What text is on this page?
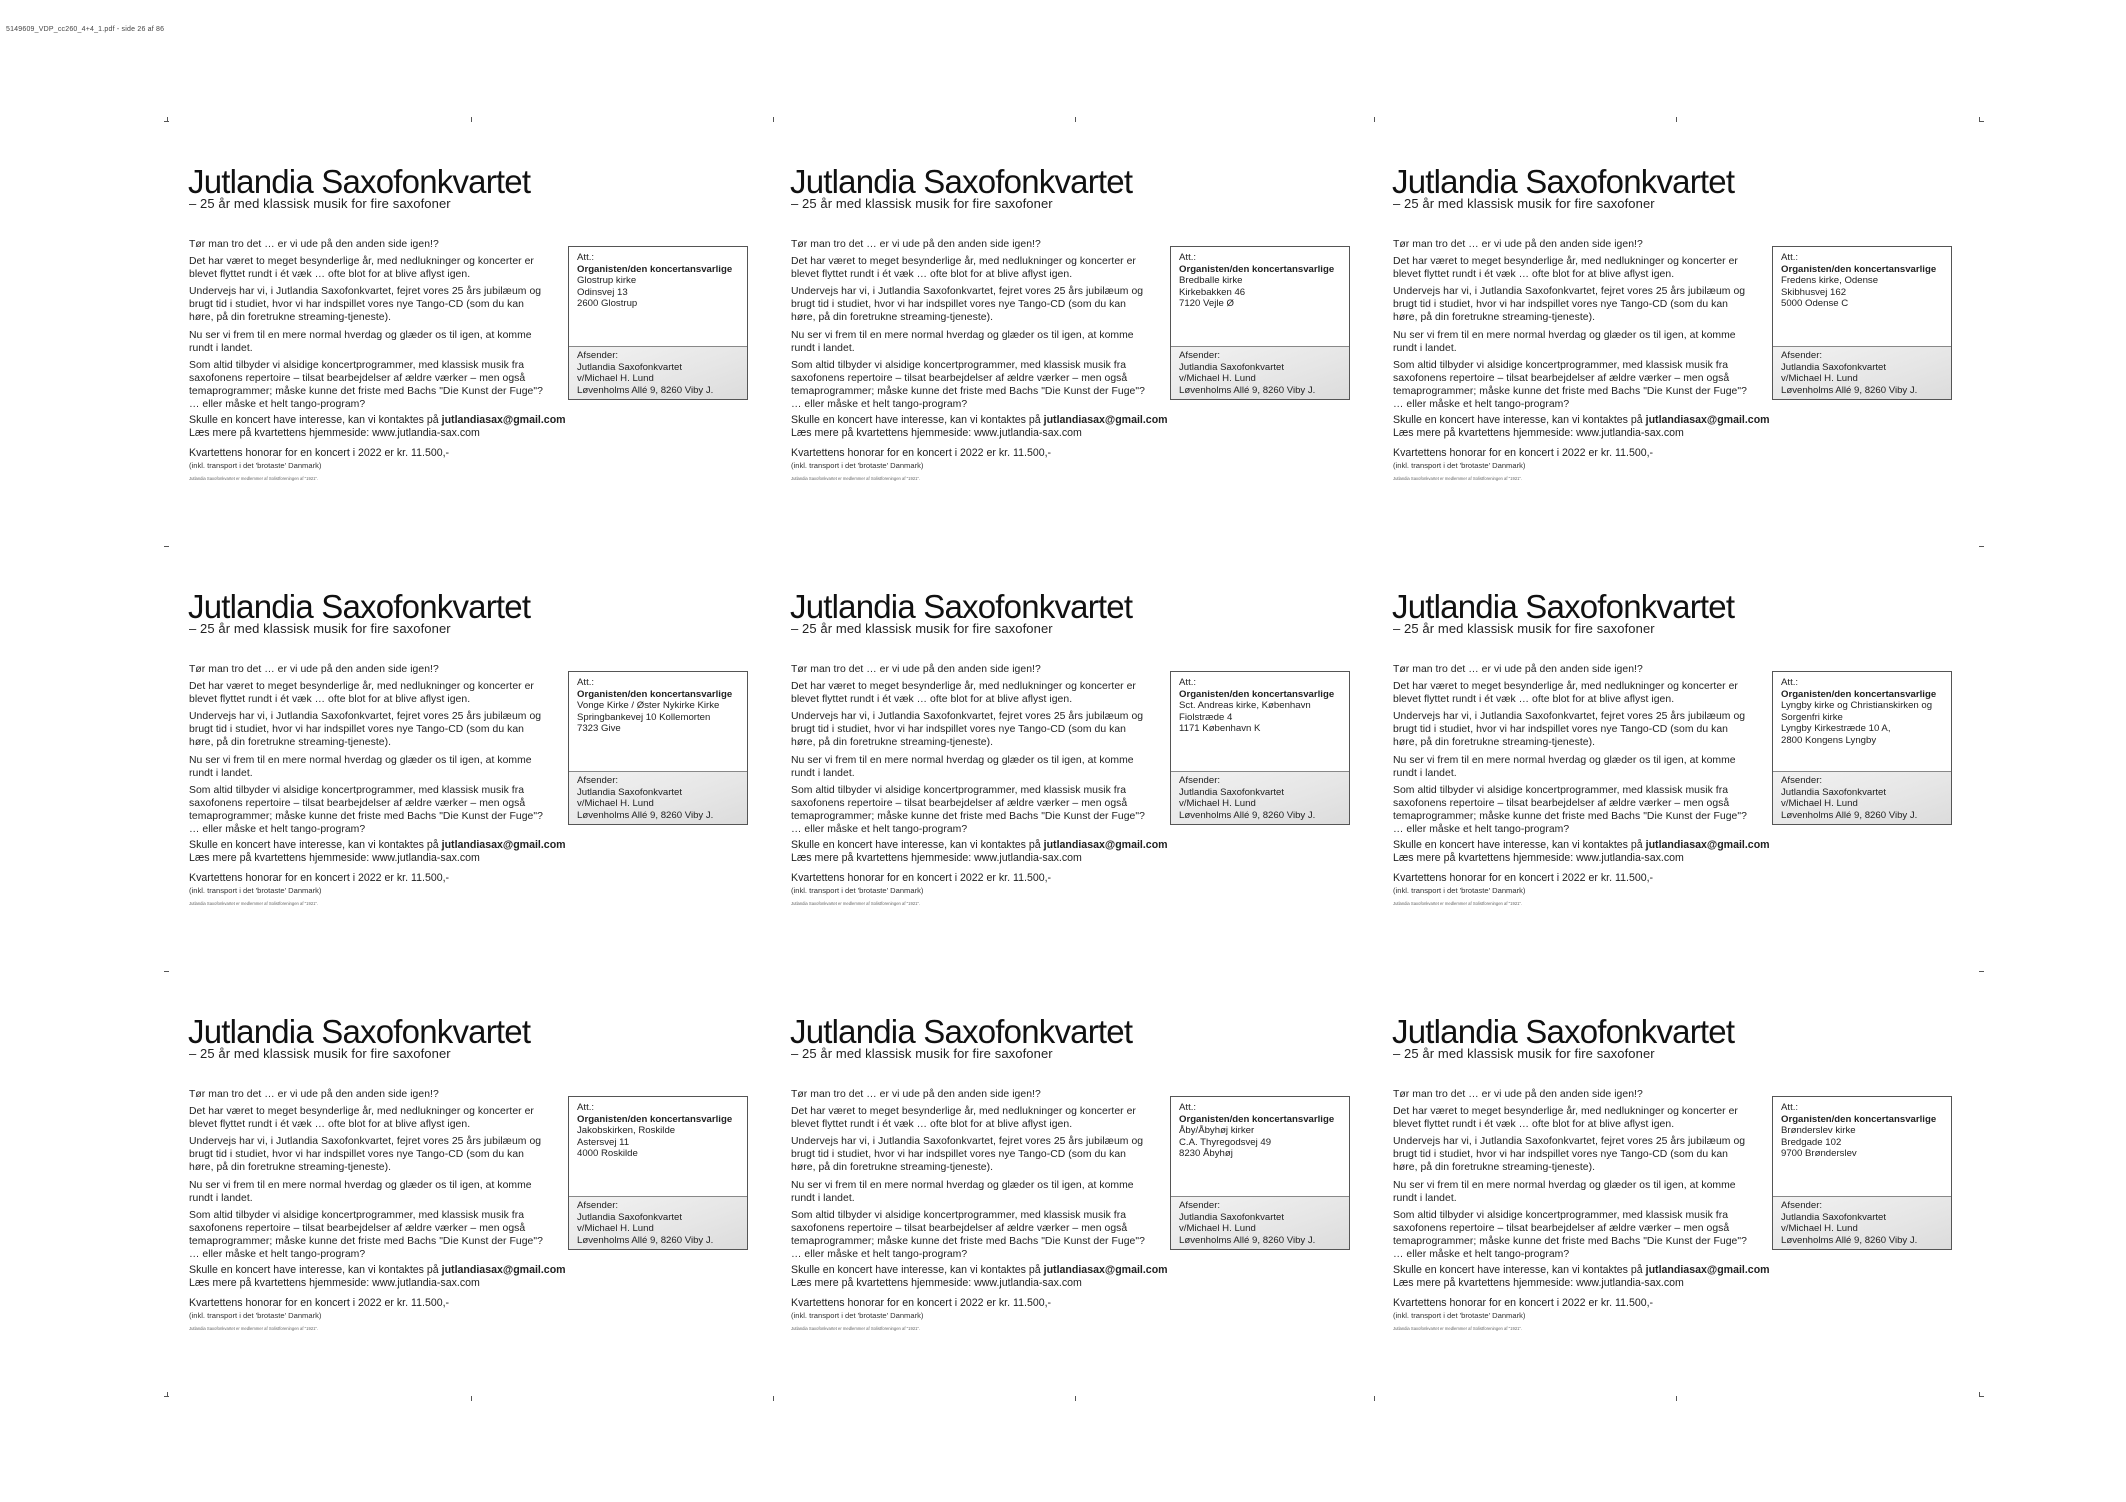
5149609_VDP_cc260_4+4_1.pdf - side 26 af 86
Jutlandia Saxofonkvartet
– 25 år med klassisk musik for fire saxofoner

Tør man tro det … er vi ude på den anden side igen!?

Det har været to meget besynderlige år, med nedlukninger og koncerter er blevet flyttet rundt i ét væk … ofte blot for at blive aflyst igen.

Undervejs har vi, i Jutlandia Saxofonkvartet, fejret vores 25 års jubilæum og brugt tid i studiet, hvor vi har indspillet vores nye Tango-CD (som du kan høre, på din foretrukne streaming-tjeneste).

Nu ser vi frem til en mere normal hverdag og glæder os til igen, at komme rundt i landet.

Som altid tilbyder vi alsidige koncertprogrammer, med klassisk musik fra saxofonens repertoire – tilsat bearbejdelser af ældre værker – men også temaprogrammer; måske kunne det friste med Bachs "Die Kunst der Fuge"? … eller måske et helt tango-program?

Skulle en koncert have interesse, kan vi kontaktes på jutlandiasax@gmail.com
Læs mere på kvartettens hjemmeside: www.jutlandia-sax.com
Kvartettens honorar for en koncert i 2022 er kr. 11.500,-
(inkl. transport i det 'brotaste' Danmark)
Jutlandia Saxofonkvartet er medlemmer af Solistforeningen af "1921".
Att.:
Organisten/den koncertansvarlige
Glostrup kirke
Odinsvej 13
2600 Glostrup
Afsender:
Jutlandia Saxofonkvartet
v/Michael H. Lund
Løvenholms Allé 9, 8260 Viby J.
Jutlandia Saxofonkvartet
– 25 år med klassisk musik for fire saxofoner

Tør man tro det … er vi ude på den anden side igen!?

Det har været to meget besynderlige år, med nedlukninger og koncerter er blevet flyttet rundt i ét væk … ofte blot for at blive aflyst igen.

Undervejs har vi, i Jutlandia Saxofonkvartet, fejret vores 25 års jubilæum og brugt tid i studiet, hvor vi har indspillet vores nye Tango-CD (som du kan høre, på din foretrukne streaming-tjeneste).

Nu ser vi frem til en mere normal hverdag og glæder os til igen, at komme rundt i landet.

Som altid tilbyder vi alsidige koncertprogrammer, med klassisk musik fra saxofonens repertoire – tilsat bearbejdelser af ældre værker – men også temaprogrammer; måske kunne det friste med Bachs "Die Kunst der Fuge"? … eller måske et helt tango-program?

Skulle en koncert have interesse, kan vi kontaktes på jutlandiasax@gmail.com
Læs mere på kvartettens hjemmeside: www.jutlandia-sax.com
Kvartettens honorar for en koncert i 2022 er kr. 11.500,-
(inkl. transport i det 'brotaste' Danmark)
Jutlandia Saxofonkvartet er medlemmer af Solistforeningen af "1921".
Att.:
Organisten/den koncertansvarlige
Bredballe kirke
Kirkebakken 46
7120 Vejle Ø
Afsender:
Jutlandia Saxofonkvartet
v/Michael H. Lund
Løvenholms Allé 9, 8260 Viby J.
Jutlandia Saxofonkvartet
– 25 år med klassisk musik for fire saxofoner

Tør man tro det … er vi ude på den anden side igen!?

Det har været to meget besynderlige år, med nedlukninger og koncerter er blevet flyttet rundt i ét væk … ofte blot for at blive aflyst igen.

Undervejs har vi, i Jutlandia Saxofonkvartet, fejret vores 25 års jubilæum og brugt tid i studiet, hvor vi har indspillet vores nye Tango-CD (som du kan høre, på din foretrukne streaming-tjeneste).

Nu ser vi frem til en mere normal hverdag og glæder os til igen, at komme rundt i landet.

Som altid tilbyder vi alsidige koncertprogrammer, med klassisk musik fra saxofonens repertoire – tilsat bearbejdelser af ældre værker – men også temaprogrammer; måske kunne det friste med Bachs "Die Kunst der Fuge"? … eller måske et helt tango-program?

Skulle en koncert have interesse, kan vi kontaktes på jutlandiasax@gmail.com
Læs mere på kvartettens hjemmeside: www.jutlandia-sax.com
Kvartettens honorar for en koncert i 2022 er kr. 11.500,-
(inkl. transport i det 'brotaste' Danmark)
Jutlandia Saxofonkvartet er medlemmer af Solistforeningen af "1921".
Att.:
Organisten/den koncertansvarlige
Fredens kirke, Odense
Skibhusvej 162
5000 Odense C
Afsender:
Jutlandia Saxofonkvartet
v/Michael H. Lund
Løvenholms Allé 9, 8260 Viby J.
Jutlandia Saxofonkvartet
– 25 år med klassisk musik for fire saxofoner

Tør man tro det … er vi ude på den anden side igen!?

Det har været to meget besynderlige år, med nedlukninger og koncerter er blevet flyttet rundt i ét væk … ofte blot for at blive aflyst igen.

Undervejs har vi, i Jutlandia Saxofonkvartet, fejret vores 25 års jubilæum og brugt tid i studiet, hvor vi har indspillet vores nye Tango-CD (som du kan høre, på din foretrukne streaming-tjeneste).

Nu ser vi frem til en mere normal hverdag og glæder os til igen, at komme rundt i landet.

Som altid tilbyder vi alsidige koncertprogrammer, med klassisk musik fra saxofonens repertoire – tilsat bearbejdelser af ældre værker – men også temaprogrammer; måske kunne det friste med Bachs "Die Kunst der Fuge"? … eller måske et helt tango-program?

Skulle en koncert have interesse, kan vi kontaktes på jutlandiasax@gmail.com
Læs mere på kvartettens hjemmeside: www.jutlandia-sax.com
Kvartettens honorar for en koncert i 2022 er kr. 11.500,-
(inkl. transport i det 'brotaste' Danmark)
Jutlandia Saxofonkvartet er medlemmer af Solistforeningen af "1921".
Att.:
Organisten/den koncertansvarlige
Vonge Kirke / Øster Nykirke Kirke
Springbankevej 10 Kollemorten
7323 Give
Afsender:
Jutlandia Saxofonkvartet
v/Michael H. Lund
Løvenholms Allé 9, 8260 Viby J.
Jutlandia Saxofonkvartet
– 25 år med klassisk musik for fire saxofoner

Tør man tro det … er vi ude på den anden side igen!?

Det har været to meget besynderlige år, med nedlukninger og koncerter er blevet flyttet rundt i ét væk … ofte blot for at blive aflyst igen.

Undervejs har vi, i Jutlandia Saxofonkvartet, fejret vores 25 års jubilæum og brugt tid i studiet, hvor vi har indspillet vores nye Tango-CD (som du kan høre, på din foretrukne streaming-tjeneste).

Nu ser vi frem til en mere normal hverdag og glæder os til igen, at komme rundt i landet.

Som altid tilbyder vi alsidige koncertprogrammer, med klassisk musik fra saxofonens repertoire – tilsat bearbejdelser af ældre værker – men også temaprogrammer; måske kunne det friste med Bachs "Die Kunst der Fuge"? … eller måske et helt tango-program?

Skulle en koncert have interesse, kan vi kontaktes på jutlandiasax@gmail.com
Læs mere på kvartettens hjemmeside: www.jutlandia-sax.com
Kvartettens honorar for en koncert i 2022 er kr. 11.500,-
(inkl. transport i det 'brotaste' Danmark)
Jutlandia Saxofonkvartet er medlemmer af Solistforeningen af "1921".
Att.:
Organisten/den koncertansvarlige
Sct. Andreas kirke, København
Fiolstræde 4
1171 København K
Afsender:
Jutlandia Saxofonkvartet
v/Michael H. Lund
Løvenholms Allé 9, 8260 Viby J.
Jutlandia Saxofonkvartet
– 25 år med klassisk musik for fire saxofoner

Tør man tro det … er vi ude på den anden side igen!?

Det har været to meget besynderlige år, med nedlukninger og koncerter er blevet flyttet rundt i ét væk … ofte blot for at blive aflyst igen.

Undervejs har vi, i Jutlandia Saxofonkvartet, fejret vores 25 års jubilæum og brugt tid i studiet, hvor vi har indspillet vores nye Tango-CD (som du kan høre, på din foretrukne streaming-tjeneste).

Nu ser vi frem til en mere normal hverdag og glæder os til igen, at komme rundt i landet.

Som altid tilbyder vi alsidige koncertprogrammer, med klassisk musik fra saxofonens repertoire – tilsat bearbejdelser af ældre værker – men også temaprogrammer; måske kunne det friste med Bachs "Die Kunst der Fuge"? … eller måske et helt tango-program?

Skulle en koncert have interesse, kan vi kontaktes på jutlandiasax@gmail.com
Læs mere på kvartettens hjemmeside: www.jutlandia-sax.com
Kvartettens honorar for en koncert i 2022 er kr. 11.500,-
(inkl. transport i det 'brotaste' Danmark)
Jutlandia Saxofonkvartet er medlemmer af Solistforeningen af "1921".
Att.:
Organisten/den koncertansvarlige
Lyngby kirke og Christianskirken og Sorgenfri kirke
Lyngby Kirkestræde 10 A,
2800 Kongens Lyngby
Afsender:
Jutlandia Saxofonkvartet
v/Michael H. Lund
Løvenholms Allé 9, 8260 Viby J.
Jutlandia Saxofonkvartet
– 25 år med klassisk musik for fire saxofoner

Tør man tro det … er vi ude på den anden side igen!?

Det har været to meget besynderlige år, med nedlukninger og koncerter er blevet flyttet rundt i ét væk … ofte blot for at blive aflyst igen.

Undervejs har vi, i Jutlandia Saxofonkvartet, fejret vores 25 års jubilæum og brugt tid i studiet, hvor vi har indspillet vores nye Tango-CD (som du kan høre, på din foretrukne streaming-tjeneste).

Nu ser vi frem til en mere normal hverdag og glæder os til igen, at komme rundt i landet.

Som altid tilbyder vi alsidige koncertprogrammer, med klassisk musik fra saxofonens repertoire – tilsat bearbejdelser af ældre værker – men også temaprogrammer; måske kunne det friste med Bachs "Die Kunst der Fuge"? … eller måske et helt tango-program?

Skulle en koncert have interesse, kan vi kontaktes på jutlandiasax@gmail.com
Læs mere på kvartettens hjemmeside: www.jutlandia-sax.com
Kvartettens honorar for en koncert i 2022 er kr. 11.500,-
(inkl. transport i det 'brotaste' Danmark)
Jutlandia Saxofonkvartet er medlemmer af Solistforeningen af "1921".
Att.:
Organisten/den koncertansvarlige
Jakobskirken, Roskilde
Astersvej 11
4000 Roskilde
Afsender:
Jutlandia Saxofonkvartet
v/Michael H. Lund
Løvenholms Allé 9, 8260 Viby J.
Jutlandia Saxofonkvartet
– 25 år med klassisk musik for fire saxofoner

Tør man tro det … er vi ude på den anden side igen!?

Det har været to meget besynderlige år, med nedlukninger og koncerter er blevet flyttet rundt i ét væk … ofte blot for at blive aflyst igen.

Undervejs har vi, i Jutlandia Saxofonkvartet, fejret vores 25 års jubilæum og brugt tid i studiet, hvor vi har indspillet vores nye Tango-CD (som du kan høre, på din foretrukne streaming-tjeneste).

Nu ser vi frem til en mere normal hverdag og glæder os til igen, at komme rundt i landet.

Som altid tilbyder vi alsidige koncertprogrammer, med klassisk musik fra saxofonens repertoire – tilsat bearbejdelser af ældre værker – men også temaprogrammer; måske kunne det friste med Bachs "Die Kunst der Fuge"? … eller måske et helt tango-program?

Skulle en koncert have interesse, kan vi kontaktes på jutlandiasax@gmail.com
Læs mere på kvartettens hjemmeside: www.jutlandia-sax.com
Kvartettens honorar for en koncert i 2022 er kr. 11.500,-
(inkl. transport i det 'brotaste' Danmark)
Jutlandia Saxofonkvartet er medlemmer af Solistforeningen af "1921".
Att.:
Organisten/den koncertansvarlige
Åby/Åbyhøj kirker
C.A. Thyregodsvej 49
8230 Åbyhøj
Afsender:
Jutlandia Saxofonkvartet
v/Michael H. Lund
Løvenholms Allé 9, 8260 Viby J.
Jutlandia Saxofonkvartet
– 25 år med klassisk musik for fire saxofoner

Tør man tro det … er vi ude på den anden side igen!?

Det har været to meget besynderlige år, med nedlukninger og koncerter er blevet flyttet rundt i ét væk … ofte blot for at blive aflyst igen.

Undervejs har vi, i Jutlandia Saxofonkvartet, fejret vores 25 års jubilæum og brugt tid i studiet, hvor vi har indspillet vores nye Tango-CD (som du kan høre, på din foretrukne streaming-tjeneste).

Nu ser vi frem til en mere normal hverdag og glæder os til igen, at komme rundt i landet.

Som altid tilbyder vi alsidige koncertprogrammer, med klassisk musik fra saxofonens repertoire – tilsat bearbejdelser af ældre værker – men også temaprogrammer; måske kunne det friste med Bachs "Die Kunst der Fuge"? … eller måske et helt tango-program?

Skulle en koncert have interesse, kan vi kontaktes på jutlandiasax@gmail.com
Læs mere på kvartettens hjemmeside: www.jutlandia-sax.com
Kvartettens honorar for en koncert i 2022 er kr. 11.500,-
(inkl. transport i det 'brotaste' Danmark)
Jutlandia Saxofonkvartet er medlemmer af Solistforeningen af "1921".
Att.:
Organisten/den koncertansvarlige
Brønderslev kirke
Bredgade 102
9700 Brønderslev
Afsender:
Jutlandia Saxofonkvartet
v/Michael H. Lund
Løvenholms Allé 9, 8260 Viby J.
